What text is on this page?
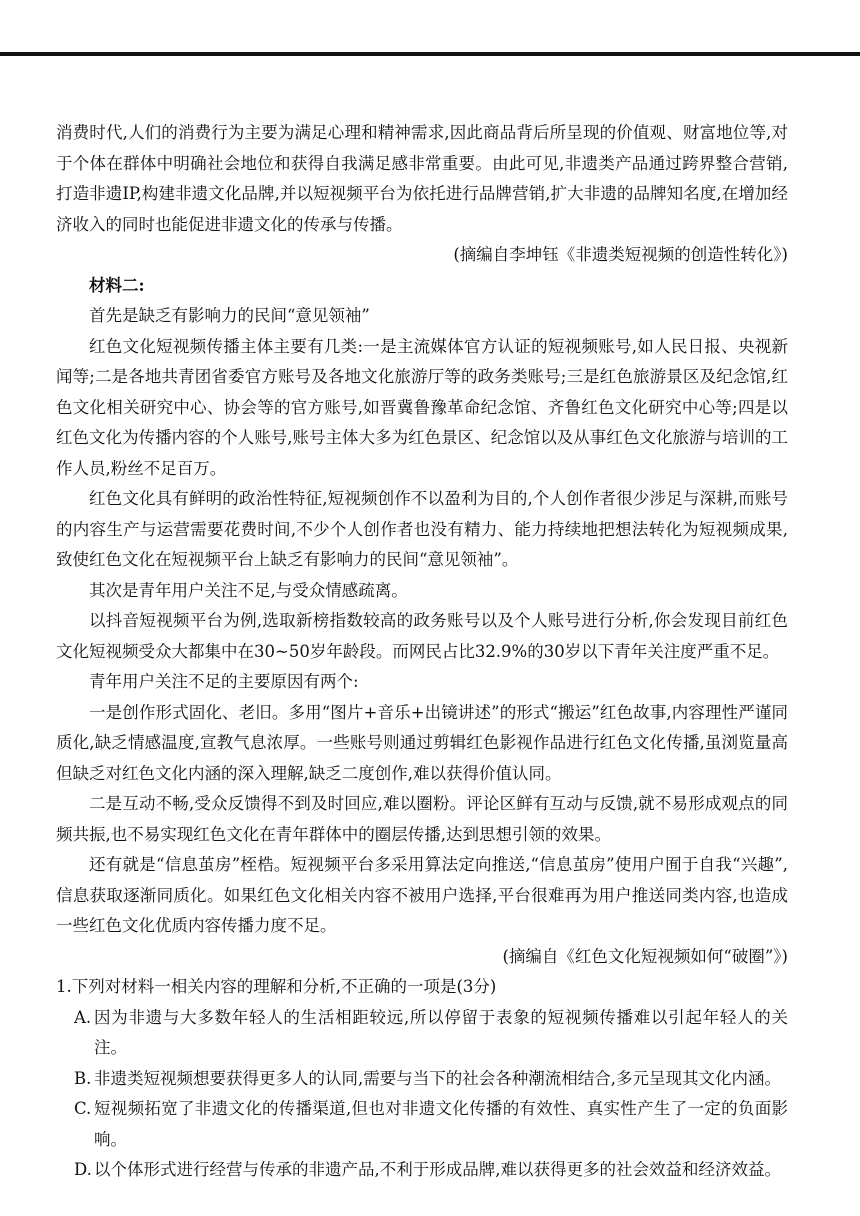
消费时代,人们的消费行为主要为满足心理和精神需求,因此商品背后所呈现的价值观、财富地位等,对于个体在群体中明确社会地位和获得自我满足感非常重要。由此可见,非遗类产品通过跨界整合营销,打造非遗IP,构建非遗文化品牌,并以短视频平台为依托进行品牌营销,扩大非遗的品牌知名度,在增加经济收入的同时也能促进非遗文化的传承与传播。

(摘编自李坤钰《非遗类短视频的创造性转化》)

材料二:

首先是缺乏有影响力的民间“意见领袖”

红色文化短视频传播主体主要有几类:一是主流媒体官方认证的短视频账号,如人民日报、央视新闻等;二是各地共青团省委官方账号及各地文化旅游厅等的政务类账号;三是红色旅游景区及纪念馆,红色文化相关研究中心、协会等的官方账号,如晋冀鲁豫革命纪念馆、齐鲁红色文化研究中心等;四是以红色文化为传播内容的个人账号,账号主体大多为红色景区、纪念馆以及从事红色文化旅游与培训的工作人员,粉丝不足百万。

红色文化具有鲜明的政治性特征,短视频创作不以盈利为目的,个人创作者很少涉足与深耕,而账号的内容生产与运营需要花费时间,不少个人创作者也没有精力、能力持续地把想法转化为短视频成果,致使红色文化在短视频平台上缺乏有影响力的民间“意见领袖”。

其次是青年用户关注不足,与受众情感疏离。

以抖音短视频平台为例,选取新榜指数较高的政务账号以及个人账号进行分析,你会发现目前红色文化短视频受众大都集中在30~50岁年龄段。而网民占比32.9%的30岁以下青年关注度严重不足。

青年用户关注不足的主要原因有两个:

一是创作形式固化、老旧。多用“图片+音乐+出镜讲述”的形式“搬运”红色故事,内容理性严谨同质化,缺乏情感温度,宣教气息浓厚。一些账号则通过剪辑红色影视作品进行红色文化传播,虽浏览量高但缺乏对红色文化内涵的深入理解,缺乏二度创作,难以获得价值认同。

二是互动不畅,受众反馈得不到及时回应,难以圈粉。评论区鲜有互动与反馈,就不易形成观点的同频共振,也不易实现红色文化在青年群体中的圈层传播,达到思想引领的效果。

还有就是“信息茧房”桎梏。短视频平台多采用算法定向推送,“信息茧房”使用户囿于自我“兴趣”,信息获取逐渐同质化。如果红色文化相关内容不被用户选择,平台很难再为用户推送同类内容,也造成一些红色文化优质内容传播力度不足。

(摘编自《红色文化短视频如何“破圈”》)

1.下列对材料一相关内容的理解和分析,不正确的一项是(3分)

A. 因为非遗与大多数年轻人的生活相距较远,所以停留于表象的短视频传播难以引起年轻人的关注。
B. 非遗类短视频想要获得更多人的认同,需要与当下的社会各种潮流相结合,多元呈现其文化内涵。
C. 短视频拓宽了非遗文化的传播渠道,但也对非遗文化传播的有效性、真实性产生了一定的负面影响。
D. 以个体形式进行经营与传承的非遗产品,不利于形成品牌,难以获得更多的社会效益和经济效益。
